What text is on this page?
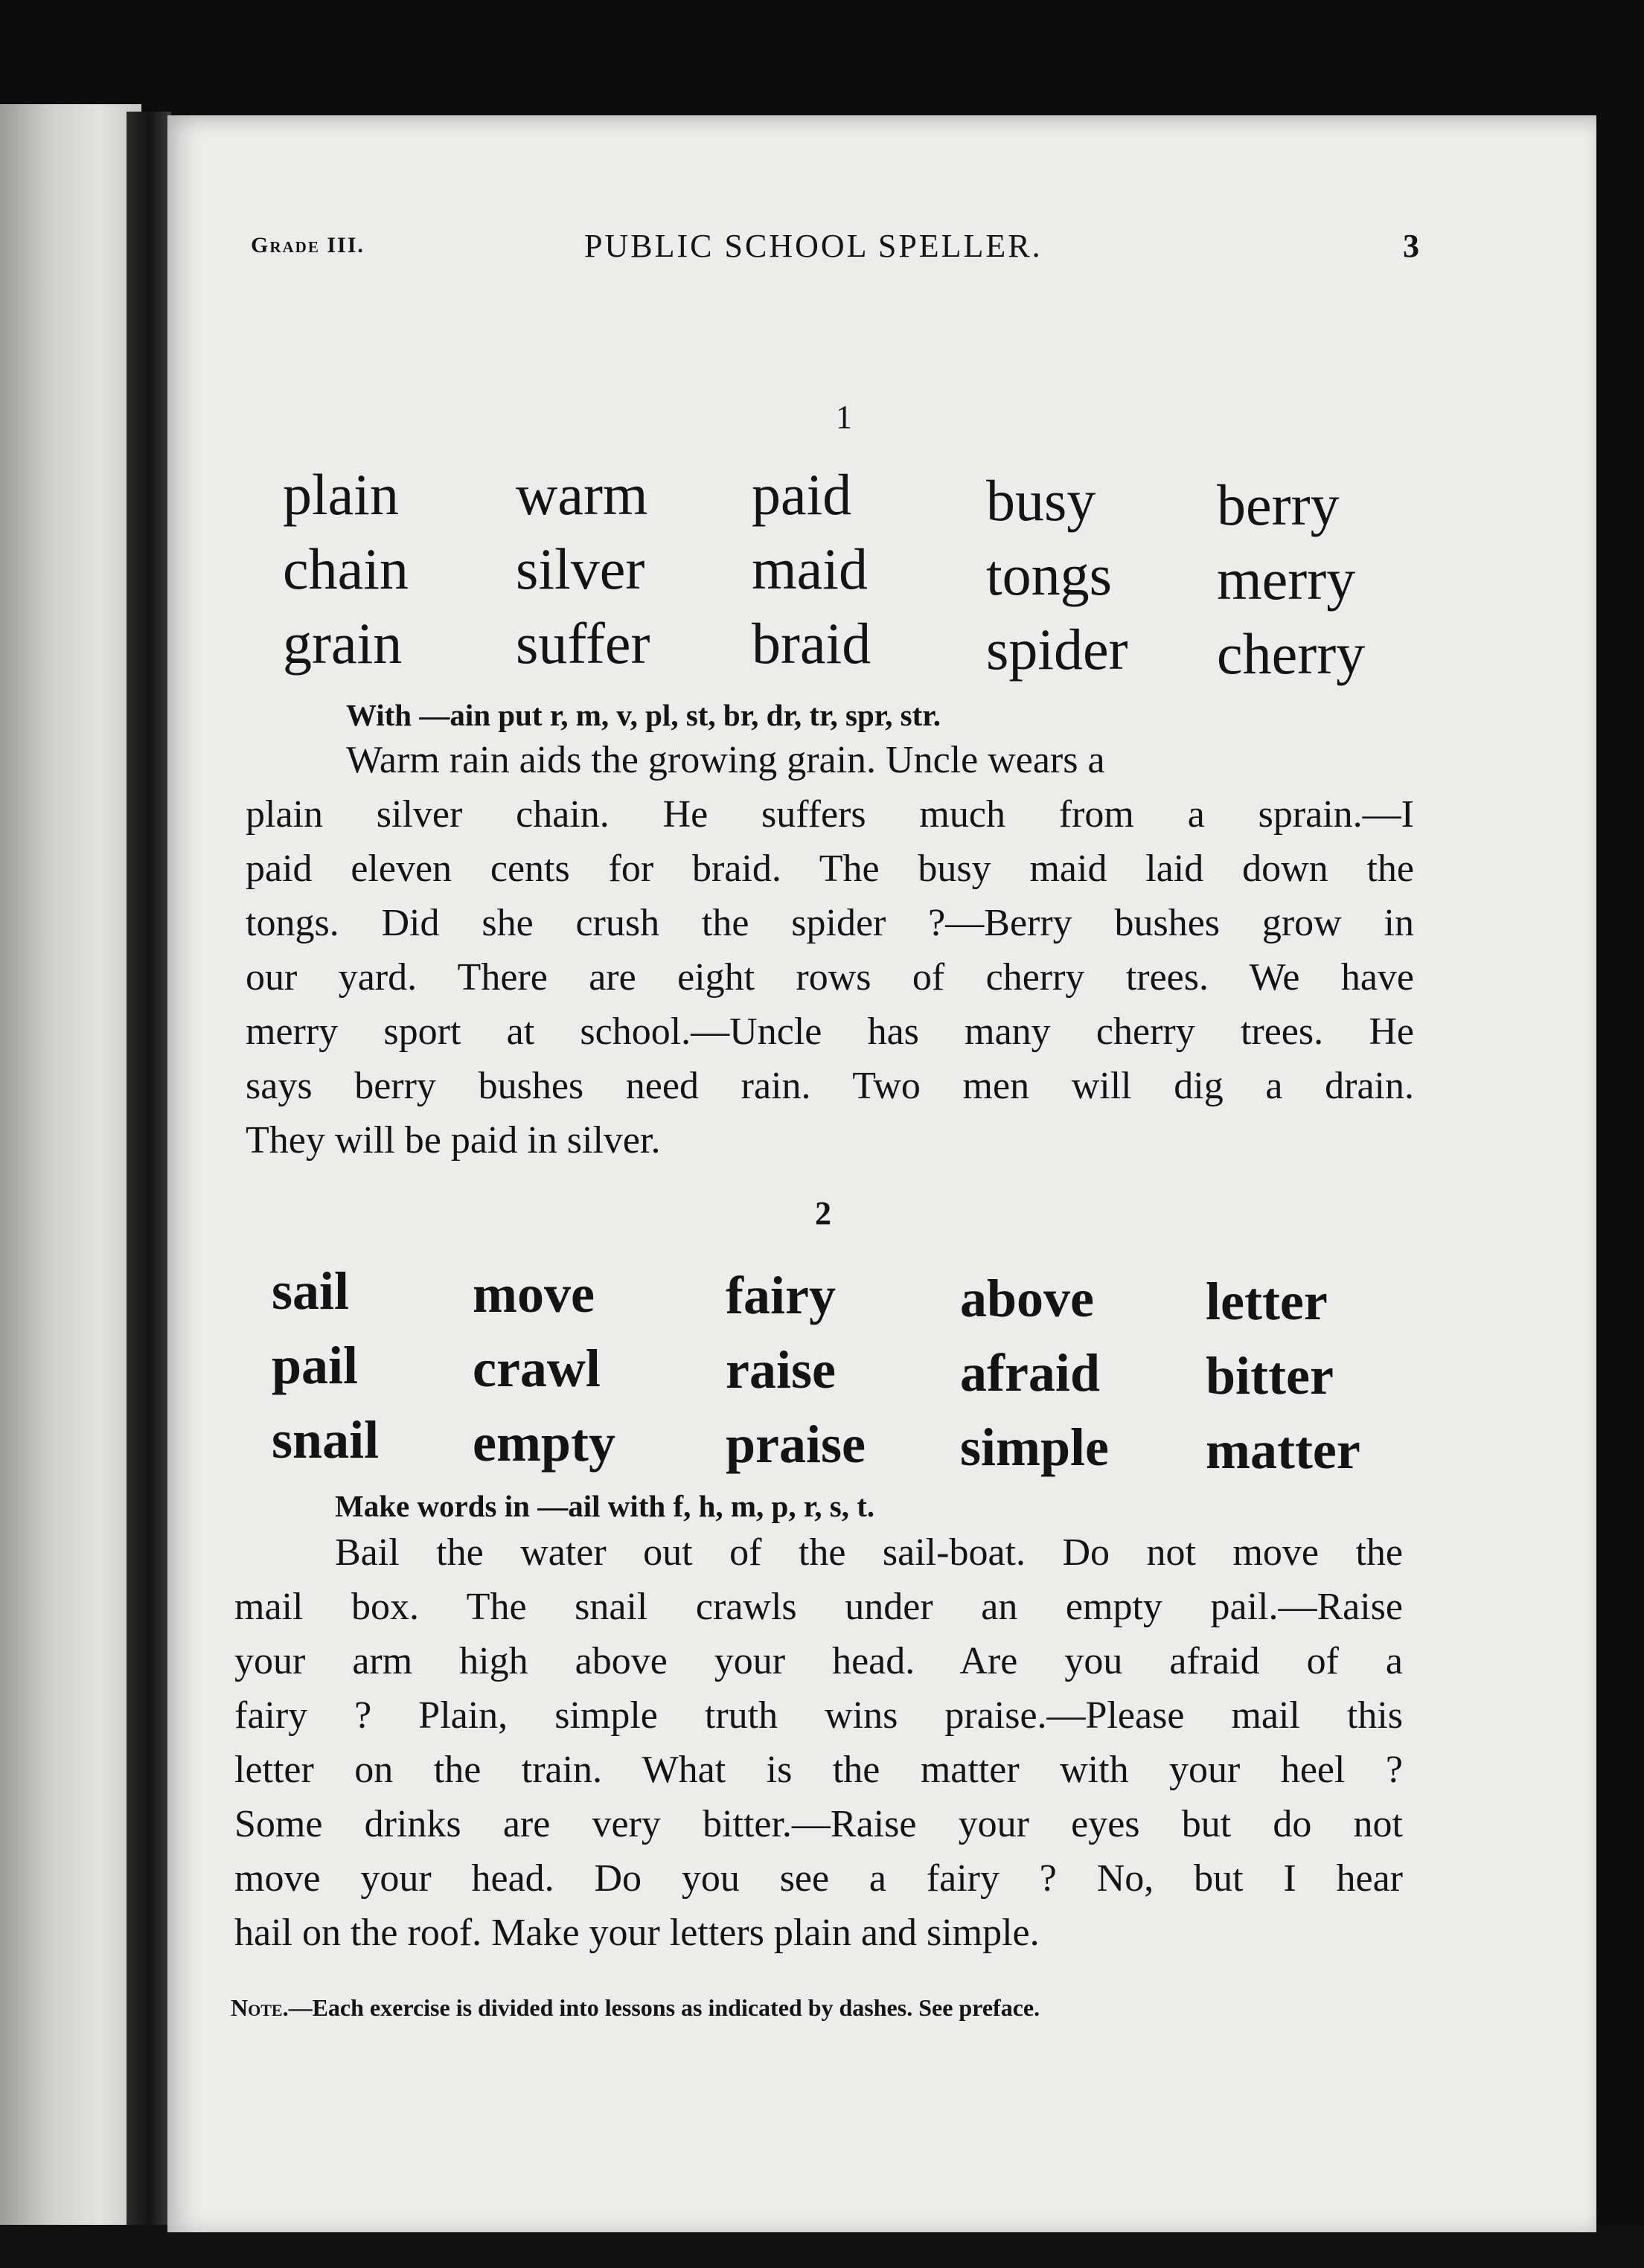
Grade III.	PUBLIC SCHOOL SPELLER.	3
1
plain
chain
grain
warm
silver
suffer
paid
maid
braid
busy
tongs
spider
berry
merry
cherry
With —ain put r, m, v, pl, st, br, dr, tr, spr, str.
Warm rain aids the growing grain. Uncle wears a
plain silver chain. He suffers much from a sprain.—I
paid eleven cents for braid. The busy maid laid down the
tongs. Did she crush the spider ?—Berry bushes grow in
our yard. There are eight rows of cherry trees. We have
merry sport at school.—Uncle has many cherry trees. He
says berry bushes need rain. Two men will dig a drain.
They will be paid in silver.
2
sail
pail
snail
move
crawl
empty
fairy
raise
praise
above
afraid
simple
letter
bitter
matter
Make words in —ail with f, h, m, p, r, s, t.
Bail the water out of the sail-boat. Do not move the
mail box. The snail crawls under an empty pail.—Raise
your arm high above your head. Are you afraid of a
fairy ? Plain, simple truth wins praise.—Please mail this
letter on the train. What is the matter with your heel ?
Some drinks are very bitter.—Raise your eyes but do not
move your head. Do you see a fairy ? No, but I hear
hail on the roof. Make your letters plain and simple.
Note.—Each exercise is divided into lessons as indicated by dashes. See preface.
